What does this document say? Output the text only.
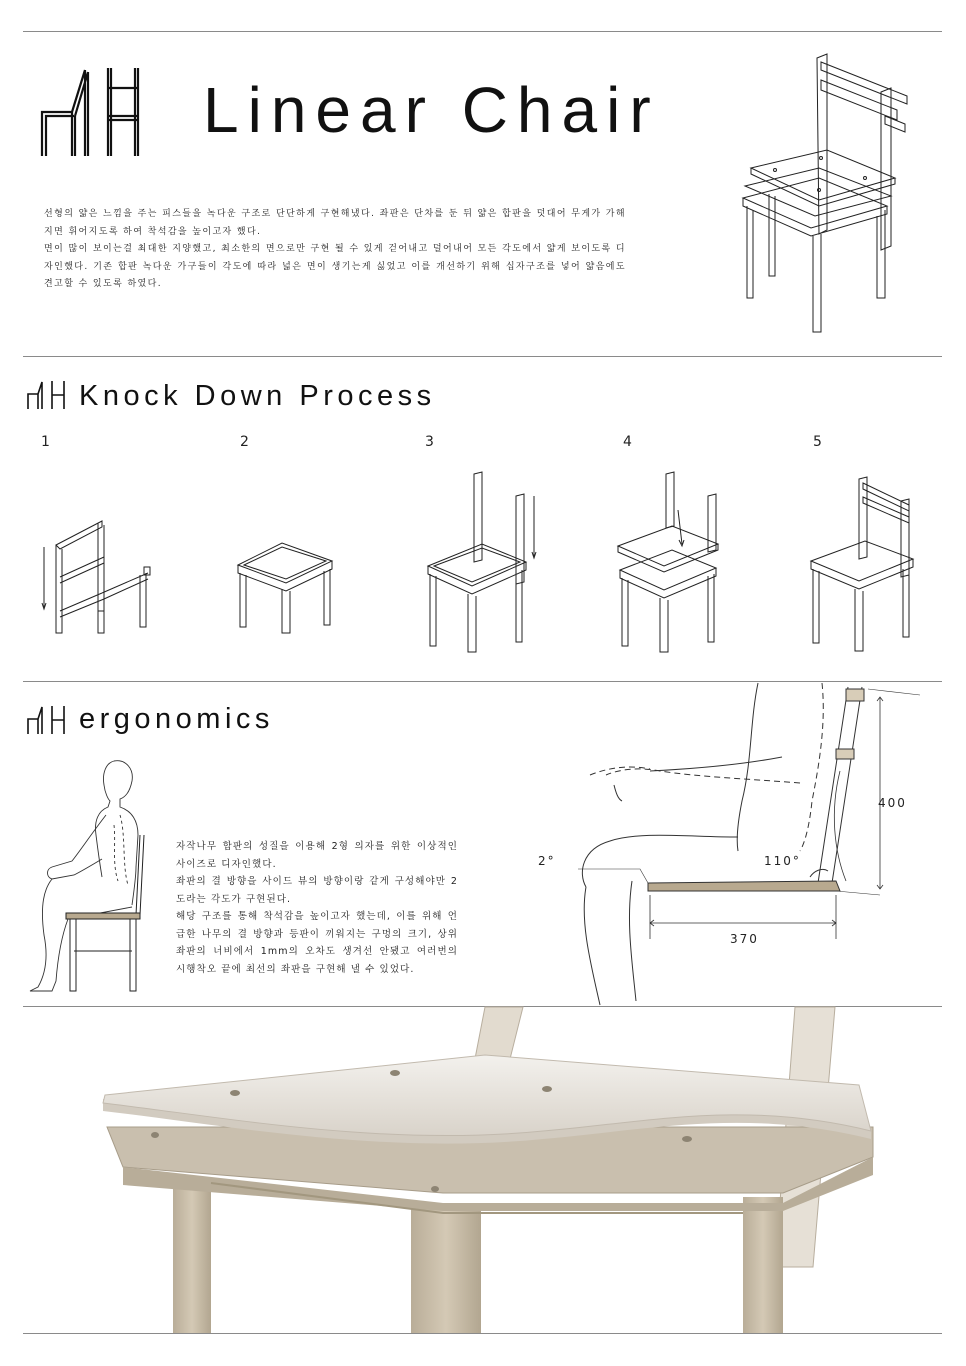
Linear Chair

선형의 얇은 느낌을 주는 피스들을 녹다운 구조로 단단하게 구현해냈다. 좌판은 단차를 둔 뒤 얇은 합판을 덧대어 무게가 가해지면 휘어지도록 하여 착석감을 높이고자 했다.

면이 많이 보이는걸 최대한 지양했고, 최소한의 면으로만 구현 될 수 있게 걷어내고 덜어내어 모든 각도에서 얇게 보이도록 디자인했다. 기존 합판 녹다운 가구들이 각도에 따라 넓은 면이 생기는게 싫었고 이를 개선하기 위해 십자구조를 넣어 얇음에도 견고할 수 있도록 하였다.

Knock Down Process
1	2	3	4	5
ergonomics

자작나무 합판의 성질을 이용해 2형 의자를 위한 이상적인 사이즈로 디자인했다.

좌판의 결 방향을 사이드 뷰의 방향이랑 같게 구성해야만 2도라는 각도가 구현된다.

해당 구조를 통해 착석감을 높이고자 했는데, 이를 위해 언급한 나무의 결 방향과 등판이 끼워지는 구멍의 크기, 상위 좌판의 너비에서 1mm의 오차도 생겨선 안됐고 여러번의 시행착오 끝에 최선의 좌판을 구현해 낼 수 있었다.

2°	110°
400
370
